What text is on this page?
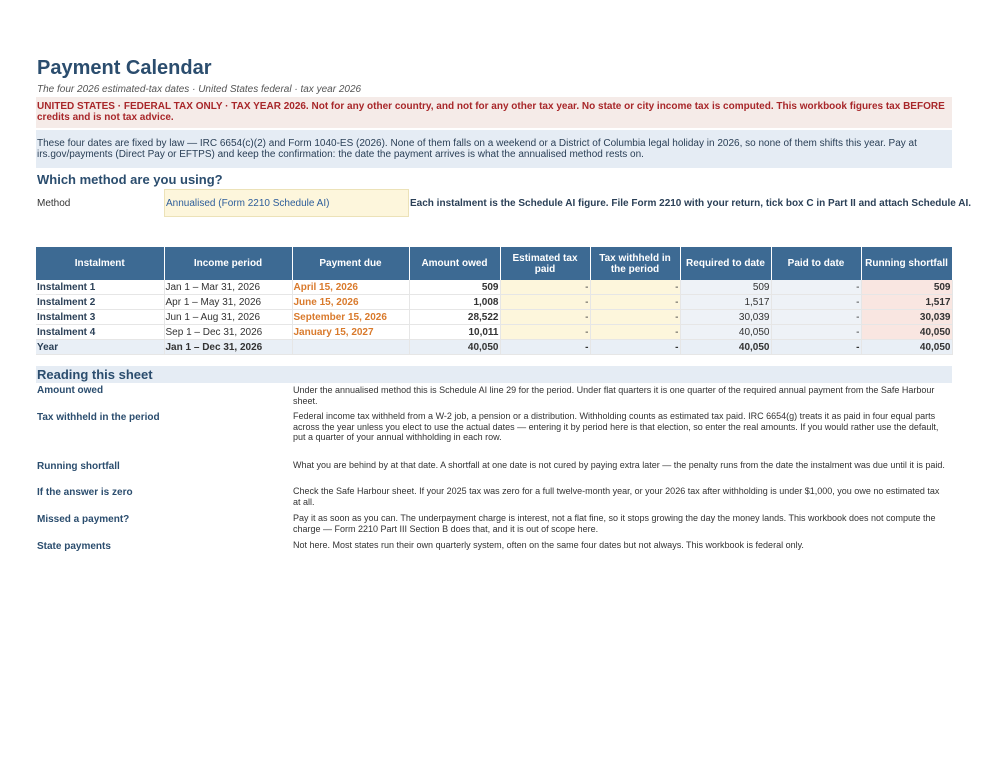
Payment Calendar
The four 2026 estimated-tax dates · United States federal · tax year 2026
UNITED STATES · FEDERAL TAX ONLY · TAX YEAR 2026. Not for any other country, and not for any other tax year. No state or city income tax is computed. This workbook figures tax BEFORE credits and is not tax advice.
These four dates are fixed by law — IRC 6654(c)(2) and Form 1040-ES (2026). None of them falls on a weekend or a District of Columbia legal holiday in 2026, so none of them shifts this year. Pay at irs.gov/payments (Direct Pay or EFTPS) and keep the confirmation: the date the payment arrives is what the annualised method rests on.
Which method are you using?
Method	Annualised (Form 2210 Schedule AI)	Each instalment is the Schedule AI figure. File Form 2210 with your return, tick box C in Part II and attach Schedule AI.
Instalment	Income period	Payment due	Amount owed	Estimated tax paid	Tax withheld in the period	Required to date	Paid to date	Running shortfall
Instalment 1	Jan 1 – Mar 31, 2026	April 15, 2026	509	-	-	509	-	509
Instalment 2	Apr 1 – May 31, 2026	June 15, 2026	1,008	-	-	1,517	-	1,517
Instalment 3	Jun 1 – Aug 31, 2026	September 15, 2026	28,522	-	-	30,039	-	30,039
Instalment 4	Sep 1 – Dec 31, 2026	January 15, 2027	10,011	-	-	40,050	-	40,050
Year	Jan 1 – Dec 31, 2026		40,050	-	-	40,050	-	40,050
Reading this sheet
Amount owed	Under the annualised method this is Schedule AI line 29 for the period. Under flat quarters it is one quarter of the required annual payment from the Safe Harbour sheet.
Tax withheld in the period	Federal income tax withheld from a W-2 job, a pension or a distribution. Withholding counts as estimated tax paid. IRC 6654(g) treats it as paid in four equal parts across the year unless you elect to use the actual dates — entering it by period here is that election, so enter the real amounts. If you would rather use the default, put a quarter of your annual withholding in each row.
Running shortfall	What you are behind by at that date. A shortfall at one date is not cured by paying extra later — the penalty runs from the date the instalment was due until it is paid.
If the answer is zero	Check the Safe Harbour sheet. If your 2025 tax was zero for a full twelve-month year, or your 2026 tax after withholding is under $1,000, you owe no estimated tax at all.
Missed a payment?	Pay it as soon as you can. The underpayment charge is interest, not a flat fine, so it stops growing the day the money lands. This workbook does not compute the charge — Form 2210 Part III Section B does that, and it is out of scope here.
State payments	Not here. Most states run their own quarterly system, often on the same four dates but not always. This workbook is federal only.
